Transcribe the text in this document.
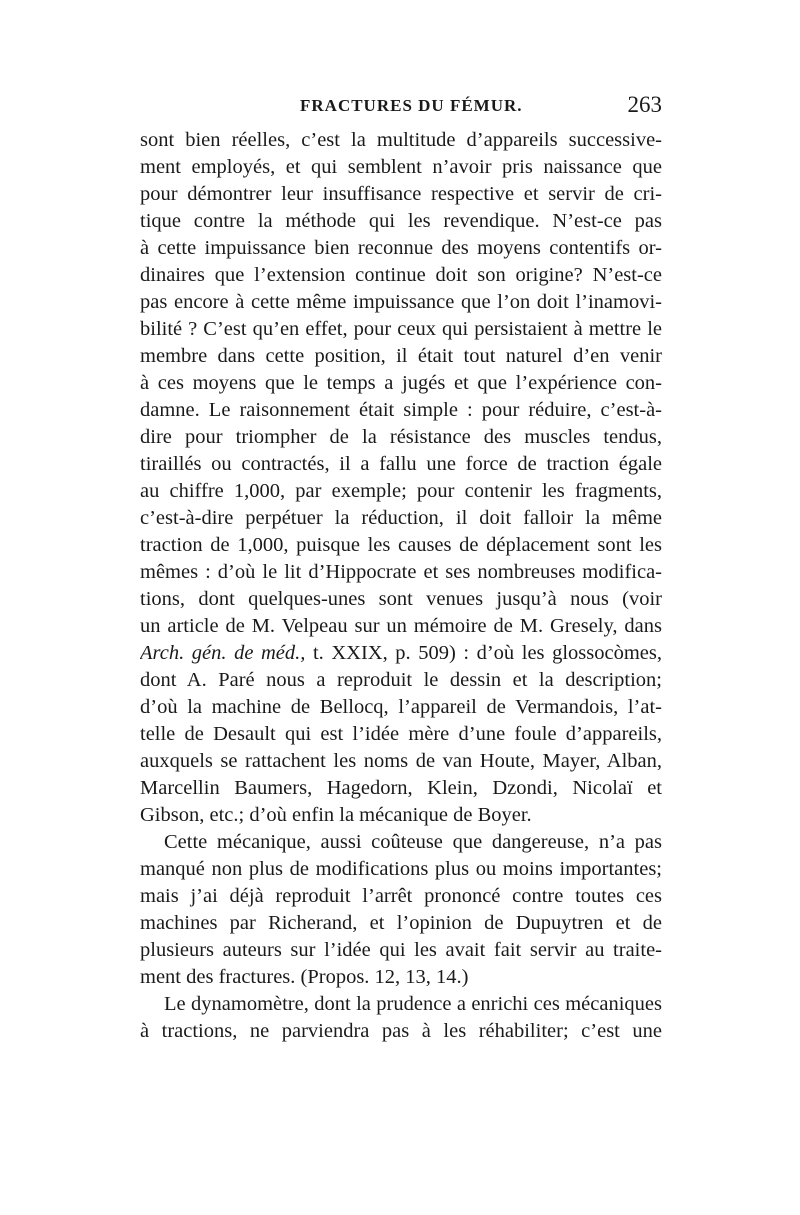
FRACTURES DU FÉMUR.	263
sont bien réelles, c’est la multitude d’appareils successive-
ment employés, et qui semblent n’avoir pris naissance que
pour démontrer leur insuffisance respective et servir de cri-
tique contre la méthode qui les revendique. N’est-ce pas
à cette impuissance bien reconnue des moyens contentifs or-
dinaires que l’extension continue doit son origine? N’est-ce
pas encore à cette même impuissance que l’on doit l’inamovi-
bilité ? C’est qu’en effet, pour ceux qui persistaient à mettre le
membre dans cette position, il était tout naturel d’en venir
à ces moyens que le temps a jugés et que l’expérience con-
damne. Le raisonnement était simple : pour réduire, c’est-à-
dire pour triompher de la résistance des muscles tendus,
tiraillés ou contractés, il a fallu une force de traction égale
au chiffre 1,000, par exemple; pour contenir les fragments,
c’est-à-dire perpétuer la réduction, il doit falloir la même
traction de 1,000, puisque les causes de déplacement sont les
mêmes : d’où le lit d’Hippocrate et ses nombreuses modifica-
tions, dont quelques-unes sont venues jusqu’à nous (voir
un article de M. Velpeau sur un mémoire de M. Gresely, dans
Arch. gén. de méd., t. XXIX, p. 509) : d’où les glossocòmes,
dont A. Paré nous a reproduit le dessin et la description;
d’où la machine de Bellocq, l’appareil de Vermandois, l’at-
telle de Desault qui est l’idée mère d’une foule d’appareils,
auxquels se rattachent les noms de van Houte, Mayer, Alban,
Marcellin Baumers, Hagedorn, Klein, Dzondi, Nicolaï et
Gibson, etc.; d’où enfin la mécanique de Boyer.
Cette mécanique, aussi coûteuse que dangereuse, n’a pas
manqué non plus de modifications plus ou moins importantes;
mais j’ai déjà reproduit l’arrêt prononcé contre toutes ces
machines par Richerand, et l’opinion de Dupuytren et de
plusieurs auteurs sur l’idée qui les avait fait servir au traite-
ment des fractures. (Propos. 12, 13, 14.)
Le dynamomètre, dont la prudence a enrichi ces mécaniques
à tractions, ne parviendra pas à les réhabiliter; c’est une
